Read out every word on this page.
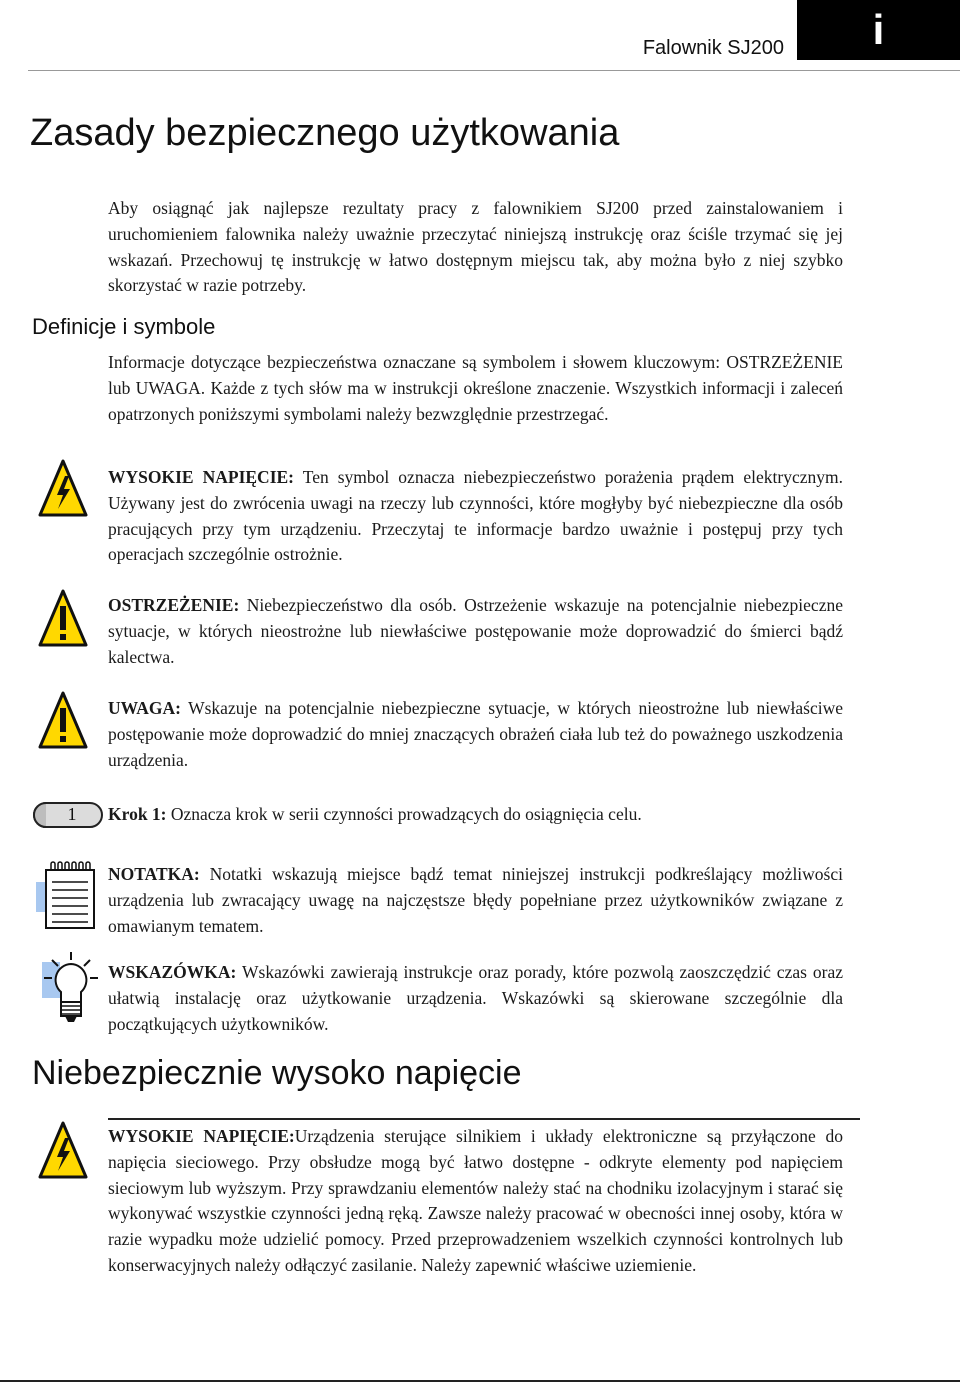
Falownik SJ200	i
Zasady bezpiecznego użytkowania
Aby osiągnąć jak najlepsze rezultaty pracy z falownikiem SJ200 przed zainstalowaniem i uruchomieniem falownika należy uważnie przeczytać niniejszą instrukcję oraz ściśle trzymać się jej wskazań. Przechowuj tę instrukcję w łatwo dostępnym miejscu tak, aby można było z niej szybko skorzystać w razie potrzeby.
Definicje i symbole
Informacje dotyczące bezpieczeństwa oznaczane są symbolem i słowem kluczowym: OSTRZEŻENIE lub UWAGA. Każde z tych słów ma w instrukcji określone znaczenie. Wszystkich informacji i zaleceń opatrzonych poniższymi symbolami należy bezwzględnie przestrzegać.
WYSOKIE NAPIĘCIE: Ten symbol oznacza niebezpieczeństwo porażenia prądem elektrycznym. Używany jest do zwrócenia uwagi na rzeczy lub czynności, które mogłyby być niebezpieczne dla osób pracujących przy tym urządzeniu. Przeczytaj te informacje bardzo uważnie i postępuj przy tych operacjach szczególnie ostrożnie.
OSTRZEŻENIE: Niebezpieczeństwo dla osób. Ostrzeżenie wskazuje na potencjalnie niebezpieczne sytuacje, w których nieostrożne lub niewłaściwe postępowanie może doprowadzić do śmierci bądź kalectwa.
UWAGA: Wskazuje na potencjalnie niebezpieczne sytuacje, w których nieostrożne lub niewłaściwe postępowanie może doprowadzić do mniej znaczących obrażeń ciała lub też do poważnego uszkodzenia urządzenia.
1	Krok 1: Oznacza krok w serii czynności prowadzących do osiągnięcia celu.
NOTATKA: Notatki wskazują miejsce bądź temat niniejszej instrukcji podkreślający możliwości urządzenia lub zwracający uwagę na najczęstsze błędy popełniane przez użytkowników związane z omawianym tematem.
WSKAZÓWKA: Wskazówki zawierają instrukcje oraz porady, które pozwolą zaoszczędzić czas oraz ułatwią instalację oraz użytkowanie urządzenia. Wskazówki są skierowane szczególnie dla początkujących użytkowników.
Niebezpiecznie wysoko napięcie
WYSOKIE NAPIĘCIE:Urządzenia sterujące silnikiem i układy elektroniczne są przyłączone do napięcia sieciowego. Przy obsłudze mogą być łatwo dostępne - odkryte elementy pod napięciem sieciowym lub wyższym. Przy sprawdzaniu elementów należy stać na chodniku izolacyjnym i starać się wykonywać wszystkie czynności jedną ręką. Zawsze należy pracować w obecności innej osoby, która w razie wypadku może udzielić pomocy. Przed przeprowadzeniem wszelkich czynności kontrolnych lub konserwacyjnych należy odłączyć zasilanie. Należy zapewnić właściwe uziemienie.
